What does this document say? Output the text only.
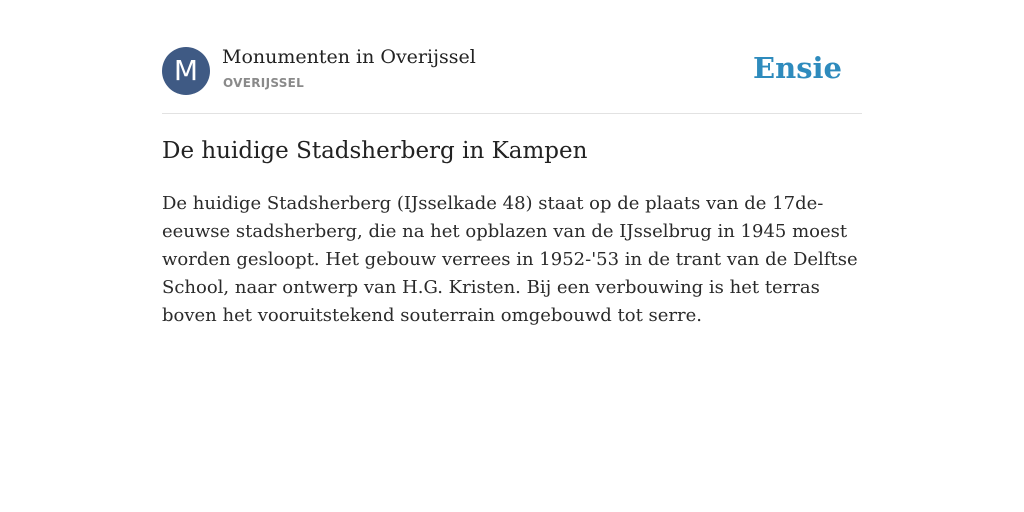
M	Monumenten in Overijssel
OVERIJSSEL	Ensie
De huidige Stadsherberg in Kampen

De huidige Stadsherberg (IJsselkade 48) staat op de plaats van de 17de-eeuwse stadsherberg, die na het opblazen van de IJsselbrug in 1945 moest worden gesloopt. Het gebouw verrees in 1952-'53 in de trant van de Delftse School, naar ontwerp van H.G. Kristen. Bij een verbouwing is het terras boven het vooruitstekend souterrain omgebouwd tot serre.
